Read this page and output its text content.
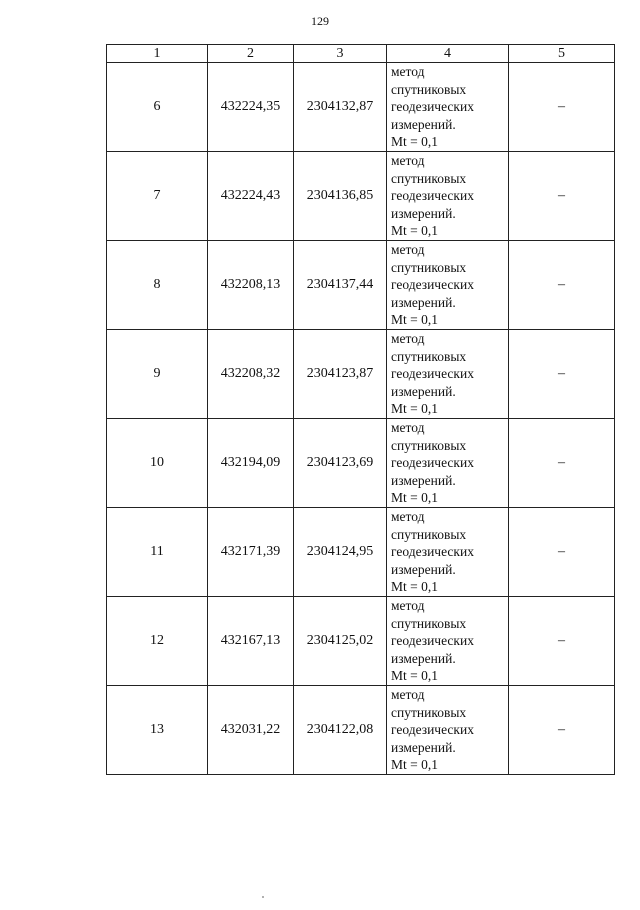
129
1	2	3	4	5
6	432224,35	2304132,87	метод
спутниковых
геодезических
измерений.
Mt = 0,1	–
7	432224,43	2304136,85	метод
спутниковых
геодезических
измерений.
Mt = 0,1	–
8	432208,13	2304137,44	метод
спутниковых
геодезических
измерений.
Mt = 0,1	–
9	432208,32	2304123,87	метод
спутниковых
геодезических
измерений.
Mt = 0,1	–
10	432194,09	2304123,69	метод
спутниковых
геодезических
измерений.
Mt = 0,1	–
11	432171,39	2304124,95	метод
спутниковых
геодезических
измерений.
Mt = 0,1	–
12	432167,13	2304125,02	метод
спутниковых
геодезических
измерений.
Mt = 0,1	–
13	432031,22	2304122,08	метод
спутниковых
геодезических
измерений.
Mt = 0,1	–
